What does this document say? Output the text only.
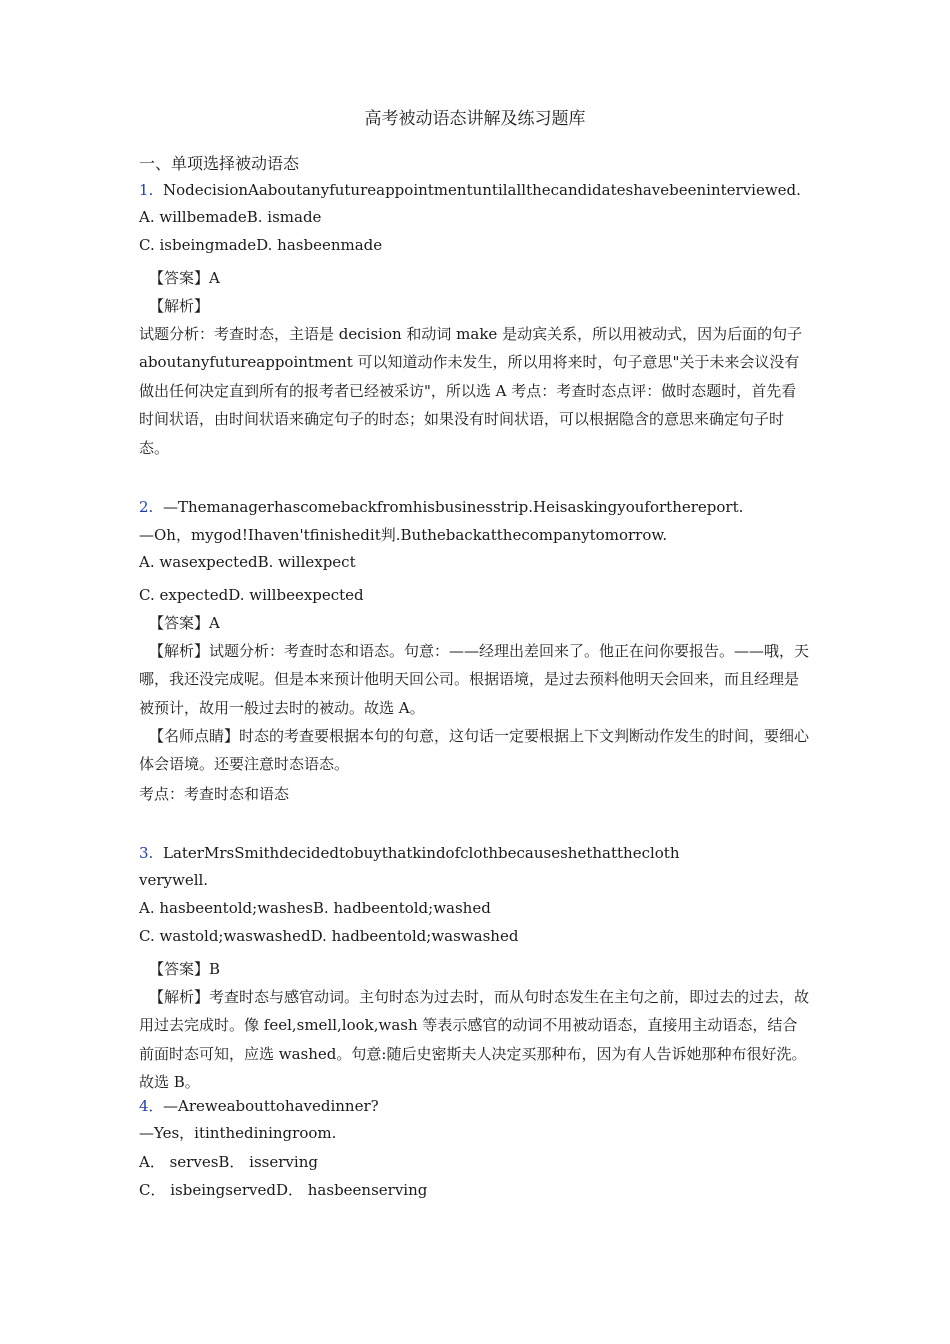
高考被动语态讲解及练习题库
一、单项选择被动语态
1. NodecisionAaboutanyfutureappointmentuntilallthecandidateshavebeeninterviewed.
A. willbemadeB. ismade
C. isbeingmadeD. hasbeenmade
【答案】A
【解析】
试题分析：考查时态，主语是 decision 和动词 make 是动宾关系，所以用被动式，因为后面的句子 aboutanyfutureappointment 可以知道动作未发生，所以用将来时，句子意思"关于未来会议没有做出任何决定直到所有的报考者已经被采访"，所以选 A 考点：考查时态点评：做时态题时，首先看时间状语，由时间状语来确定句子的时态；如果没有时间状语，可以根据隐含的意思来确定句子时态。
2. —Themanagerhascomebackfromhisbusinesstrip.Heisaskingyouforthereport.
—Oh，mygod!Ihaven'tfinishedit判.Buthebackatthecompanytomorrow.
A. wasexpectedB. willexpect
C. expectedD. willbeexpected
【答案】A
【解析】试题分析：考查时态和语态。句意：——经理出差回来了。他正在问你要报告。——哦，天哪，我还没完成呢。但是本来预计他明天回公司。根据语境，是过去预料他明天会回来，而且经理是被预计，故用一般过去时的被动。故选 A。
【名师点睛】时态的考查要根据本句的句意，这句话一定要根据上下文判断动作发生的时间，要细心体会语境。还要注意时态语态。
考点：考查时态和语态
3. LaterMrsSmithdecidedtobuythatkindofclothbecauseshethatthecloth
verywell.
A. hasbeentold;washesB. hadbeentold;washed
C. wastold;waswashedD. hadbeentold;waswashed
【答案】B
【解析】考查时态与感官动词。主句时态为过去时，而从句时态发生在主句之前，即过去的过去，故用过去完成时。像 feel,smell,look,wash 等表示感官的动词不用被动语态，直接用主动语态，结合前面时态可知，应选 washed。句意:随后史密斯夫人决定买那种布，因为有人告诉她那种布很好洗。故选 B。
4．—Areweabouttohavedinner?
—Yes，itinthediningroom.
A． servesB． isserving
C． isbeingservedD． hasbeenserving
